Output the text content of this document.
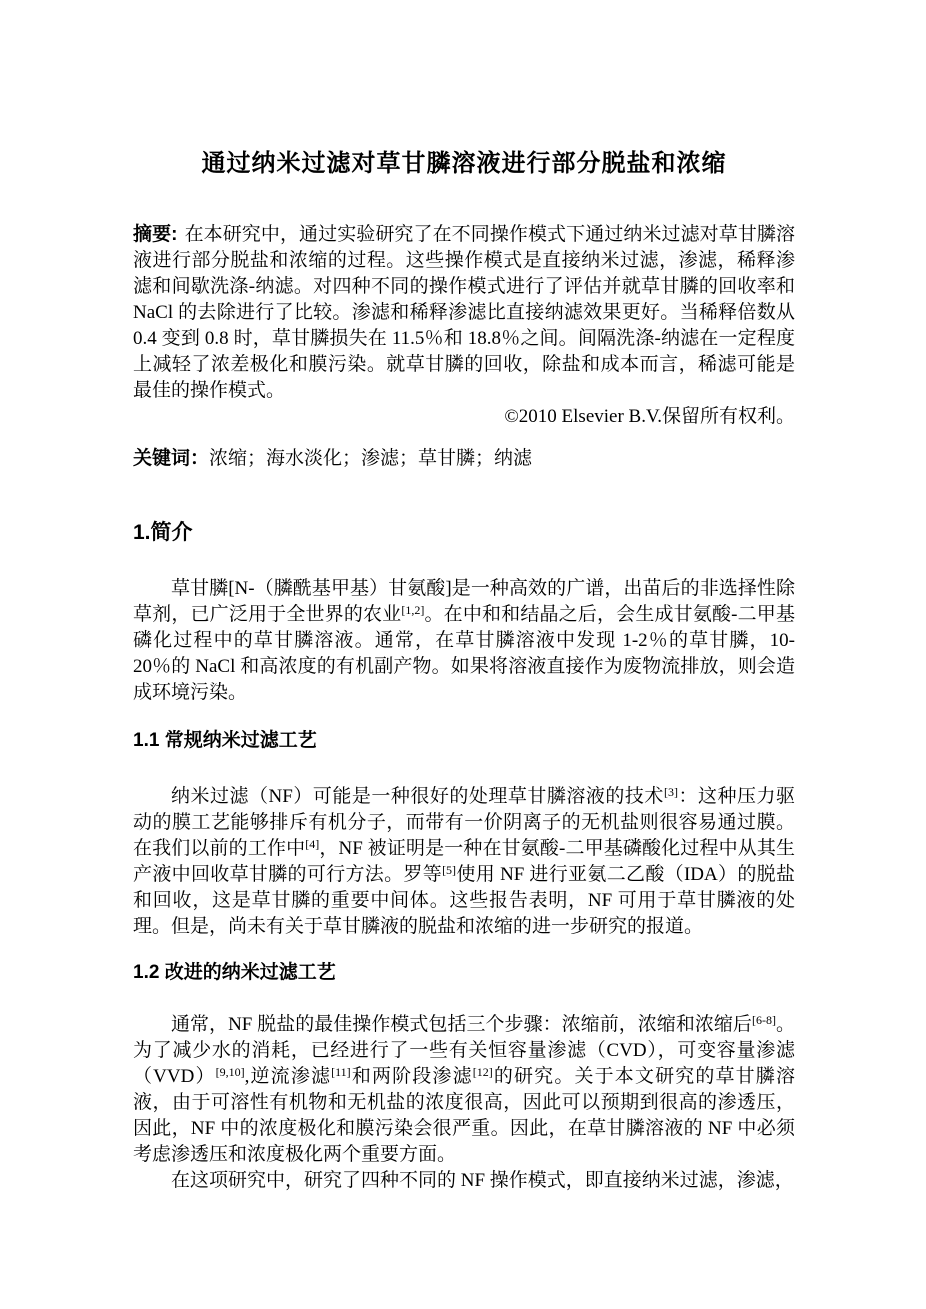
通过纳米过滤对草甘膦溶液进行部分脱盐和浓缩

摘要: 在本研究中，通过实验研究了在不同操作模式下通过纳米过滤对草甘膦溶液进行部分脱盐和浓缩的过程。这些操作模式是直接纳米过滤，渗滤，稀释渗滤和间歇洗涤-纳滤。对四种不同的操作模式进行了评估并就草甘膦的回收率和 NaCl 的去除进行了比较。渗滤和稀释渗滤比直接纳滤效果更好。当稀释倍数从 0.4 变到 0.8 时，草甘膦损失在 11.5％和 18.8％之间。间隔洗涤-纳滤在一定程度上减轻了浓差极化和膜污染。就草甘膦的回收，除盐和成本而言，稀滤可能是最佳的操作模式。

©2010 Elsevier B.V.保留所有权利。

关键词：浓缩；海水淡化；渗滤；草甘膦；纳滤

1.简介

草甘膦[N-（膦酰基甲基）甘氨酸]是一种高效的广谱，出苗后的非选择性除草剂，已广泛用于全世界的农业[1,2]。在中和和结晶之后，会生成甘氨酸-二甲基磷化过程中的草甘膦溶液。通常，在草甘膦溶液中发现 1-2％的草甘膦，10-20％的 NaCl 和高浓度的有机副产物。如果将溶液直接作为废物流排放，则会造成环境污染。

1.1 常规纳米过滤工艺

纳米过滤（NF）可能是一种很好的处理草甘膦溶液的技术[3]：这种压力驱动的膜工艺能够排斥有机分子，而带有一价阴离子的无机盐则很容易通过膜。在我们以前的工作中[4]，NF 被证明是一种在甘氨酸-二甲基磷酸化过程中从其生产液中回收草甘膦的可行方法。罗等[5]使用 NF 进行亚氨二乙酸（IDA）的脱盐和回收，这是草甘膦的重要中间体。这些报告表明，NF 可用于草甘膦液的处理。但是，尚未有关于草甘膦液的脱盐和浓缩的进一步研究的报道。

1.2 改进的纳米过滤工艺

通常，NF 脱盐的最佳操作模式包括三个步骤：浓缩前，浓缩和浓缩后[6-8]。为了减少水的消耗，已经进行了一些有关恒容量渗滤（CVD），可变容量渗滤（VVD）[9,10],逆流渗滤[11]和两阶段渗滤[12]的研究。关于本文研究的草甘膦溶液，由于可溶性有机物和无机盐的浓度很高，因此可以预期到很高的渗透压，因此，NF 中的浓度极化和膜污染会很严重。因此，在草甘膦溶液的 NF 中必须考虑渗透压和浓度极化两个重要方面。

在这项研究中，研究了四种不同的 NF 操作模式，即直接纳米过滤，渗滤，
